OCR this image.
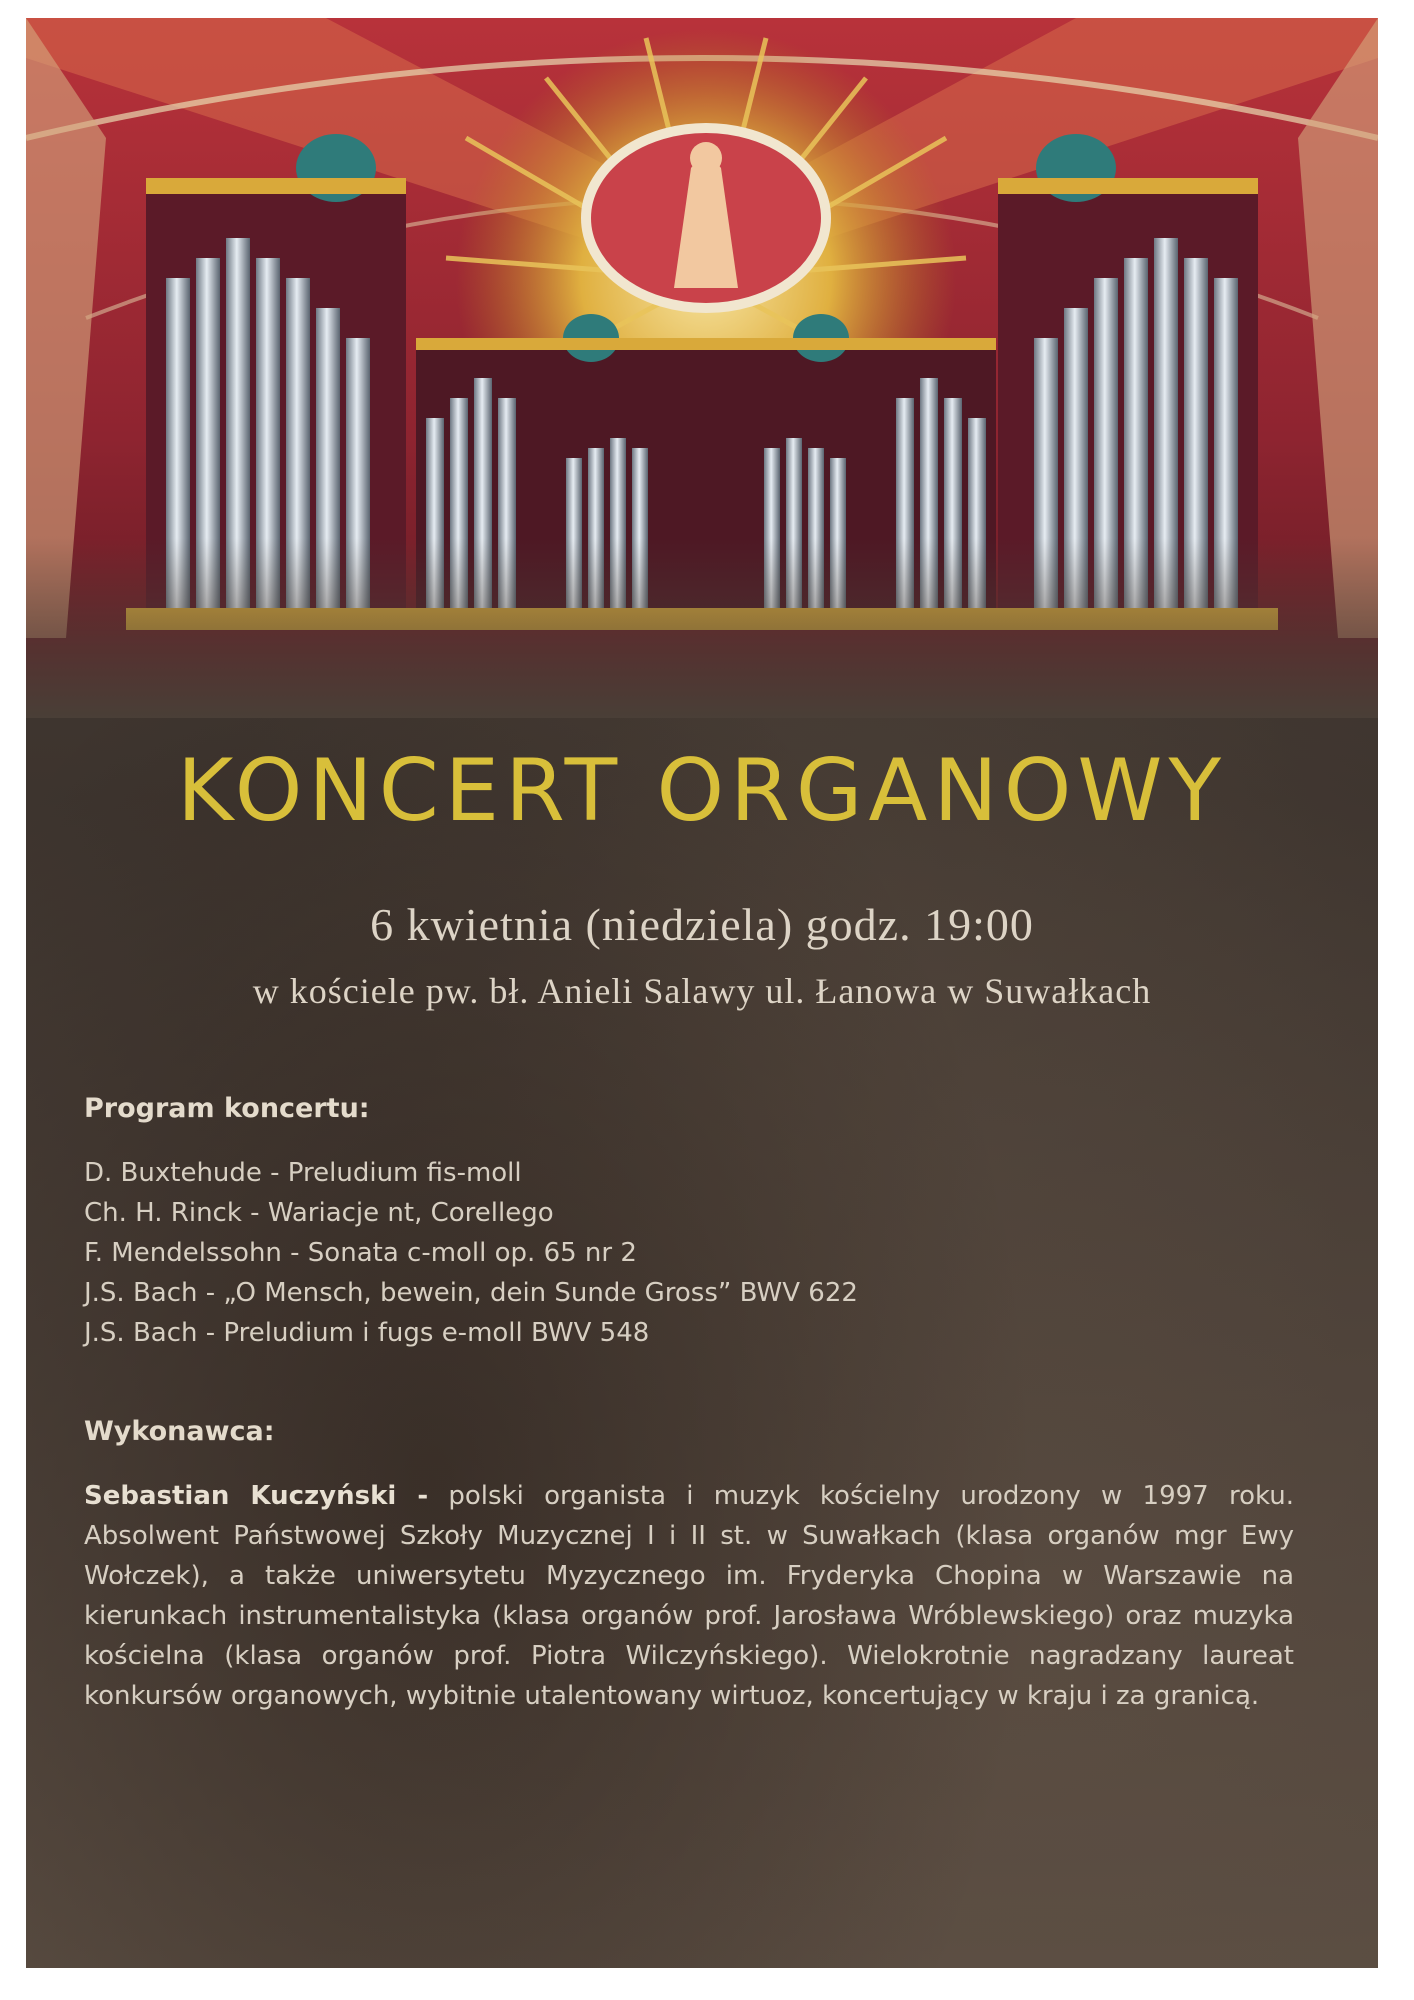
KONCERT ORGANOWY
6 kwietnia (niedziela) godz. 19:00
w kościele pw. bł. Anieli Salawy ul. Łanowa w Suwałkach
Program koncertu:
D. Buxtehude - Preludium fis-moll
Ch. H. Rinck - Wariacje nt, Corellego
F. Mendelssohn - Sonata c-moll op. 65 nr 2
J.S. Bach - „O Mensch, bewein, dein Sunde Gross” BWV 622
J.S. Bach - Preludium i fugs e-moll BWV 548
Wykonawca:

Sebastian Kuczyński - polski organista i muzyk kościelny urodzony w 1997 roku. Absolwent Państwowej Szkoły Muzycznej I i II st. w Suwałkach (klasa organów mgr Ewy Wołczek), a także uniwersytetu Myzycznego im. Fryderyka Chopina w Warszawie na kierunkach instrumentalistyka (klasa organów prof. Jarosława Wróblewskiego) oraz muzyka kościelna (klasa organów prof. Piotra Wilczyńskiego). Wielokrotnie nagradzany laureat konkursów organowych, wybitnie utalentowany wirtuoz, koncertujący w kraju i za granicą.
